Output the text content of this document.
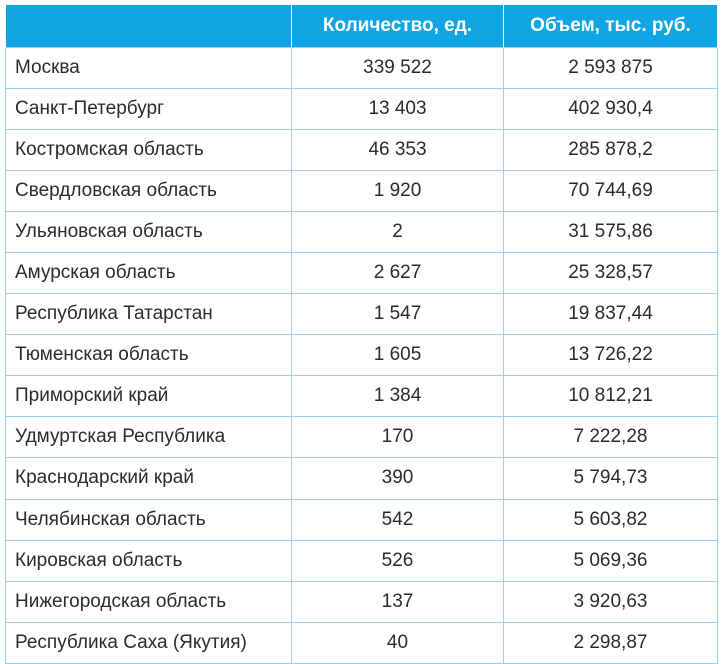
	Количество, ед.	Объем, тыс. руб.
Москва	339 522	2 593 875
Санкт-Петербург	13 403	402 930,4
Костромская область	46 353	285 878,2
Свердловская область	1 920	70 744,69
Ульяновская область	2	31 575,86
Амурская область	2 627	25 328,57
Республика Татарстан	1 547	19 837,44
Тюменская область	1 605	13 726,22
Приморский край	1 384	10 812,21
Удмуртская Республика	170	7 222,28
Краснодарский край	390	5 794,73
Челябинская область	542	5 603,82
Кировская область	526	5 069,36
Нижегородская область	137	3 920,63
Республика Саха (Якутия)	40	2 298,87
